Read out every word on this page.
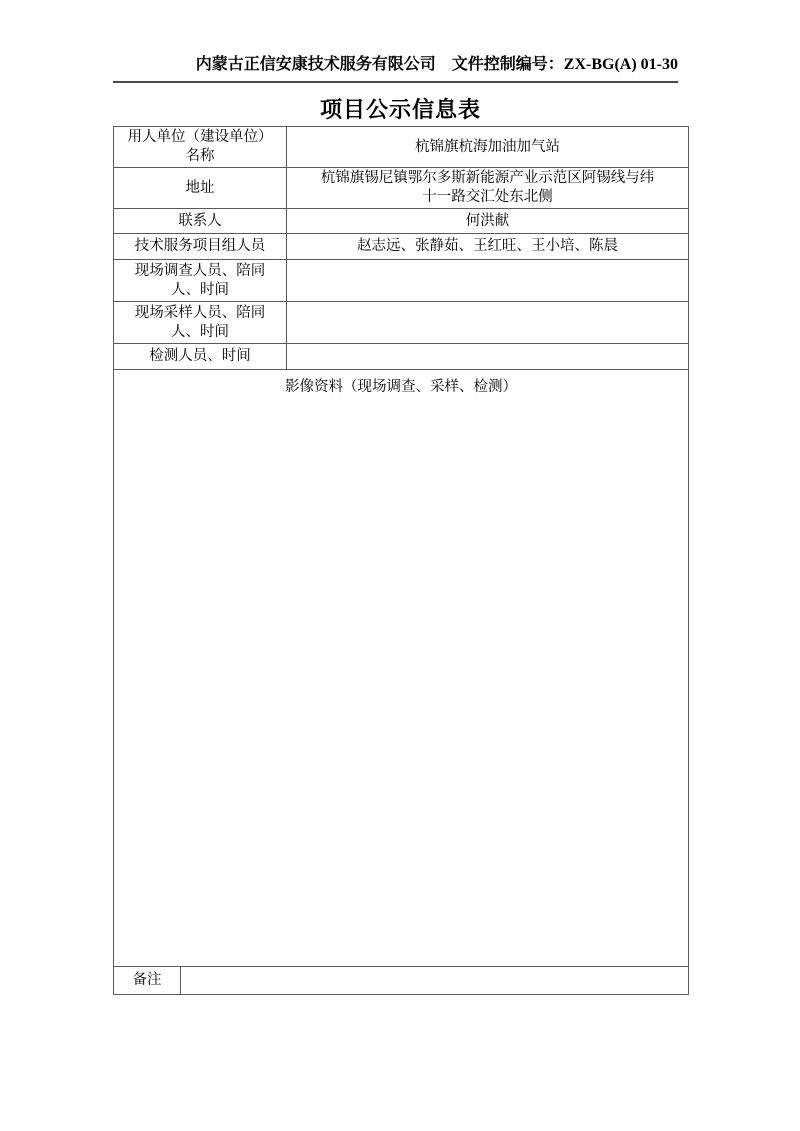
内蒙古正信安康技术服务有限公司 文件控制编号：ZX-BG(A) 01-30
项目公示信息表
用人单位（建设单位）
名称		杭锦旗杭海加油加气站
地址		杭锦旗锡尼镇鄂尔多斯新能源产业示范区阿锡线与纬
十一路交汇处东北侧

联系人		何洪献
技术服务项目组人员		赵志远、张静茹、王红旺、王小培、陈晨

现场调查人员、陪同
人、时间		

现场采样人员、陪同
人、时间		

检测人员、时间		

影像资料（现场调查、采样、检测）		

备注		
